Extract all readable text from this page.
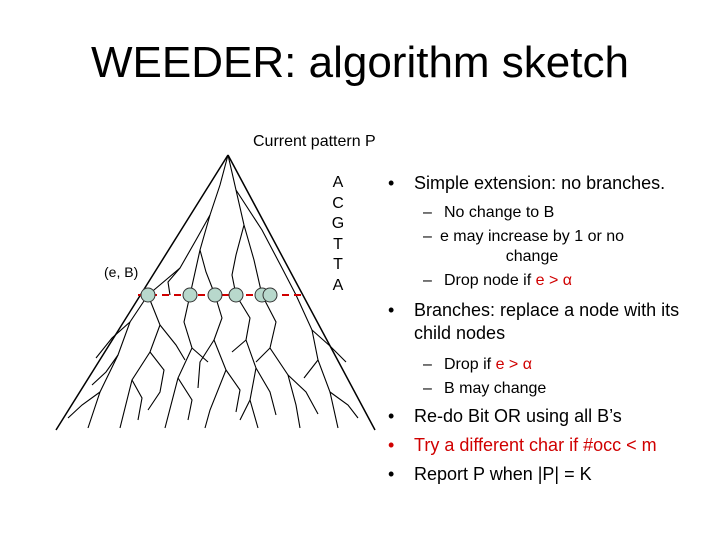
WEEDER: algorithm sketch
Current pattern P
A
C
G
T
T
A
(e, B)
• Simple extension: no branches.
– No change to B
– e may increase by 1 or no change
– Drop node if e > α
• Branches: replace a node with its child nodes
– Drop if e > α
– B may change
• Re-do Bit OR using all B’s
• Try a different char if #occ < m
• Report P when |P| = K
